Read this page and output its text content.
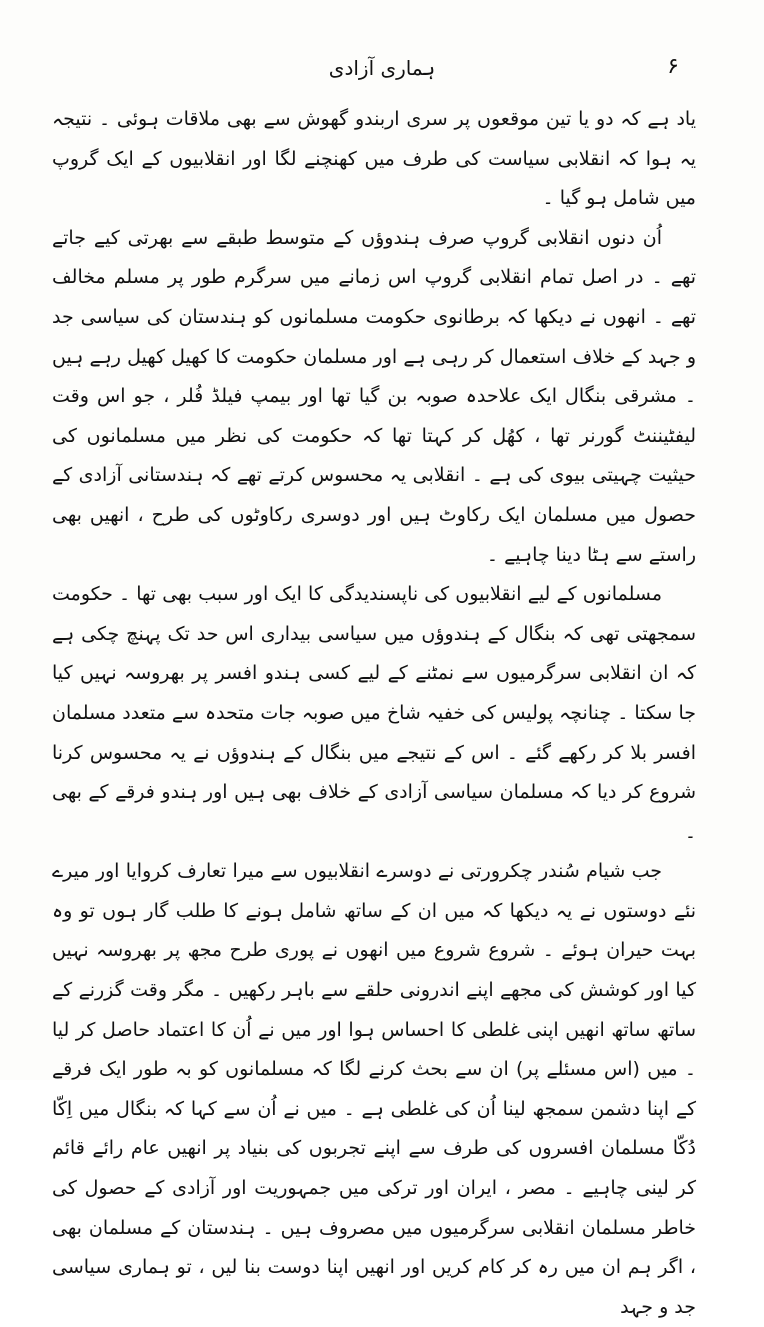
۶
ہماری آزادی

یاد ہے کہ دو یا تین موقعوں پر سری اربندو گھوش سے بھی ملاقات ہوئی ۔ نتیجہ یہ ہوا کہ انقلابی سیاست کی طرف میں کھنچنے لگا اور انقلابیوں کے ایک گروپ میں شامل ہو گیا ۔

اُن دنوں انقلابی گروپ صرف ہندوؤں کے متوسط طبقے سے بھرتی کیے جاتے تھے ۔ در اصل تمام انقلابی گروپ اس زمانے میں سرگرم طور پر مسلم مخالف تھے ۔ انھوں نے دیکھا کہ برطانوی حکومت مسلمانوں کو ہندستان کی سیاسی جد و جہد کے خلاف استعمال کر رہی ہے اور مسلمان حکومت کا کھیل کھیل رہے ہیں ۔ مشرقی بنگال ایک علاحدہ صوبہ بن گیا تھا اور بیمپ فیلڈ فُلر ، جو اس وقت لیفٹیننٹ گورنر تھا ، کھُل کر کہتا تھا کہ حکومت کی نظر میں مسلمانوں کی حیثیت چہیتی بیوی کی ہے ۔ انقلابی یہ محسوس کرتے تھے کہ ہندستانی آزادی کے حصول میں مسلمان ایک رکاوٹ ہیں اور دوسری رکاوٹوں کی طرح ، انھیں بھی راستے سے ہٹا دینا چاہیے ۔

مسلمانوں کے لیے انقلابیوں کی ناپسندیدگی کا ایک اور سبب بھی تھا ۔ حکومت سمجھتی تھی کہ بنگال کے ہندوؤں میں سیاسی بیداری اس حد تک پہنچ چکی ہے کہ ان انقلابی سرگرمیوں سے نمٹنے کے لیے کسی ہندو افسر پر بھروسہ نہیں کیا جا سکتا ۔ چنانچہ پولیس کی خفیہ شاخ میں صوبہ جات متحدہ سے متعدد مسلمان افسر بلا کر رکھے گئے ۔ اس کے نتیجے میں بنگال کے ہندوؤں نے یہ محسوس کرنا شروع کر دیا کہ مسلمان سیاسی آزادی کے خلاف بھی ہیں اور ہندو فرقے کے بھی ۔

جب شیام سُندر چکرورتی نے دوسرے انقلابیوں سے میرا تعارف کروایا اور میرے نئے دوستوں نے یہ دیکھا کہ میں ان کے ساتھ شامل ہونے کا طلب گار ہوں تو وہ بہت حیران ہوئے ۔ شروع شروع میں انھوں نے پوری طرح مجھ پر بھروسہ نہیں کیا اور کوشش کی مجھے اپنے اندرونی حلقے سے باہر رکھیں ۔ مگر وقت گزرنے کے ساتھ ساتھ انھیں اپنی غلطی کا احساس ہوا اور میں نے اُن کا اعتماد حاصل کر لیا ۔ میں (اس مسئلے پر) ان سے بحث کرنے لگا کہ مسلمانوں کو بہ طور ایک فرقے کے اپنا دشمن سمجھ لینا اُن کی غلطی ہے ۔ میں نے اُن سے کہا کہ بنگال میں اِکّا دُکّا مسلمان افسروں کی طرف سے اپنے تجربوں کی بنیاد پر انھیں عام رائے قائم کر لینی چاہیے ۔ مصر ، ایران اور ترکی میں جمہوریت اور آزادی کے حصول کی خاطر مسلمان انقلابی سرگرمیوں میں مصروف ہیں ۔ ہندستان کے مسلمان بھی ، اگر ہم ان میں رہ کر کام کریں اور انھیں اپنا دوست بنا لیں ، تو ہماری سیاسی جد و جہد
